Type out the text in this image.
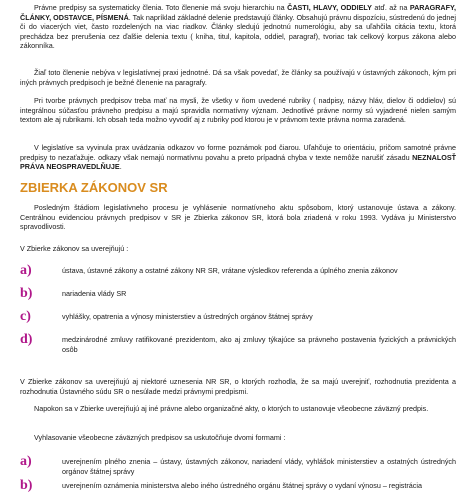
Právne predpisy sa systematicky členia. Toto členenie má svoju hierarchiu na ČASTI, HLAVY, ODDIELY atď. až na PARAGRAFY, ČLÁNKY, ODSTAVCE, PÍSMENÁ. Tak napríklad základné delenie predstavujú články. Obsahujú právnu dispozíciu, sústredenú do jednej či do viacerých viet, často rozdelených na viac riadkov. Články sledujú jednotnú numerológiu, aby sa uľahčila citácia textu, ktorá prechádza bez prerušenia cez ďalšie delenia textu ( kniha, titul, kapitola, oddiel, paragraf), tvoriac tak celkový korpus zákona alebo zákonníka.

Žiaľ toto členenie nebýva v legislatívnej praxi jednotné. Dá sa však povedať, že články sa používajú v ústavných zákonoch, kým pri iných právnych predpisoch je bežné členenie na paragrafy.

Pri tvorbe právnych predpisov treba mať na mysli, že všetky v ňom uvedené rubriky ( nadpisy, názvy hláv, dielov či oddielov) sú integrálnou súčasťou právneho predpisu a majú spravidla normatívny význam. Jednotlivé právne normy sú vyjadrené nielen samým textom ale aj rubrikami. Ich obsah teda možno vyvodiť aj z rubriky pod ktorou je v právnom texte právna norma zaradená.

V legislatíve sa vyvinula prax uvádzania odkazov vo forme poznámok pod čiarou. Uľahčuje to orientáciu, pričom samotné právne predpisy to nezaťažuje. odkazy však nemajú normatívnu povahu a preto prípadná chyba v texte nemôže narušiť zásadu NEZNALOSŤ PRÁVA NEOSPRAVEDLŇUJE.

ZBIERKA ZÁKONOV SR

Posledným štádiom legislatívneho procesu je vyhlásenie normatívneho aktu spôsobom, ktorý ustanovuje ústava a zákony. Centrálnou evidenciou právnych predpisov v SR je Zbierka zákonov SR, ktorá bola zriadená v roku 1993. Vydáva ju Ministerstvo spravodlivosti.

V Zbierke zákonov sa uverejňujú :

a)	ústava, ústavné zákony a ostatné zákony NR SR, vrátane výsledkov referenda a úplného znenia zákonov

b)	nariadenia vlády SR

c)	vyhlášky, opatrenia a výnosy ministerstiev a ústredných orgánov štátnej správy

d)	medzinárodné zmluvy ratifikované prezidentom, ako aj zmluvy týkajúce sa právneho postavenia fyzických a právnických osôb

V Zbierke zákonov sa uverejňujú aj niektoré uznesenia NR SR, o ktorých rozhodla, že sa majú uverejniť, rozhodnutia prezidenta a rozhodnutia Ústavného súdu SR o nesúlade medzi právnymi predpismi.

Napokon sa v Zbierke uverejňujú aj iné právne alebo organizačné akty, o ktorých to ustanovuje všeobecne záväzný predpis.

Vyhlasovanie všeobecne záväzných predpisov sa uskutočňuje dvomi formami :

a)	uverejnením plného znenia – ústavy, ústavných zákonov, nariadení vlády, vyhlášok ministerstiev a ostatných ústredných orgánov štátnej správy

b)	uverejnením oznámenia ministerstva alebo iného ústredného orgánu štátnej správy o vydaní výnosu – registrácia
